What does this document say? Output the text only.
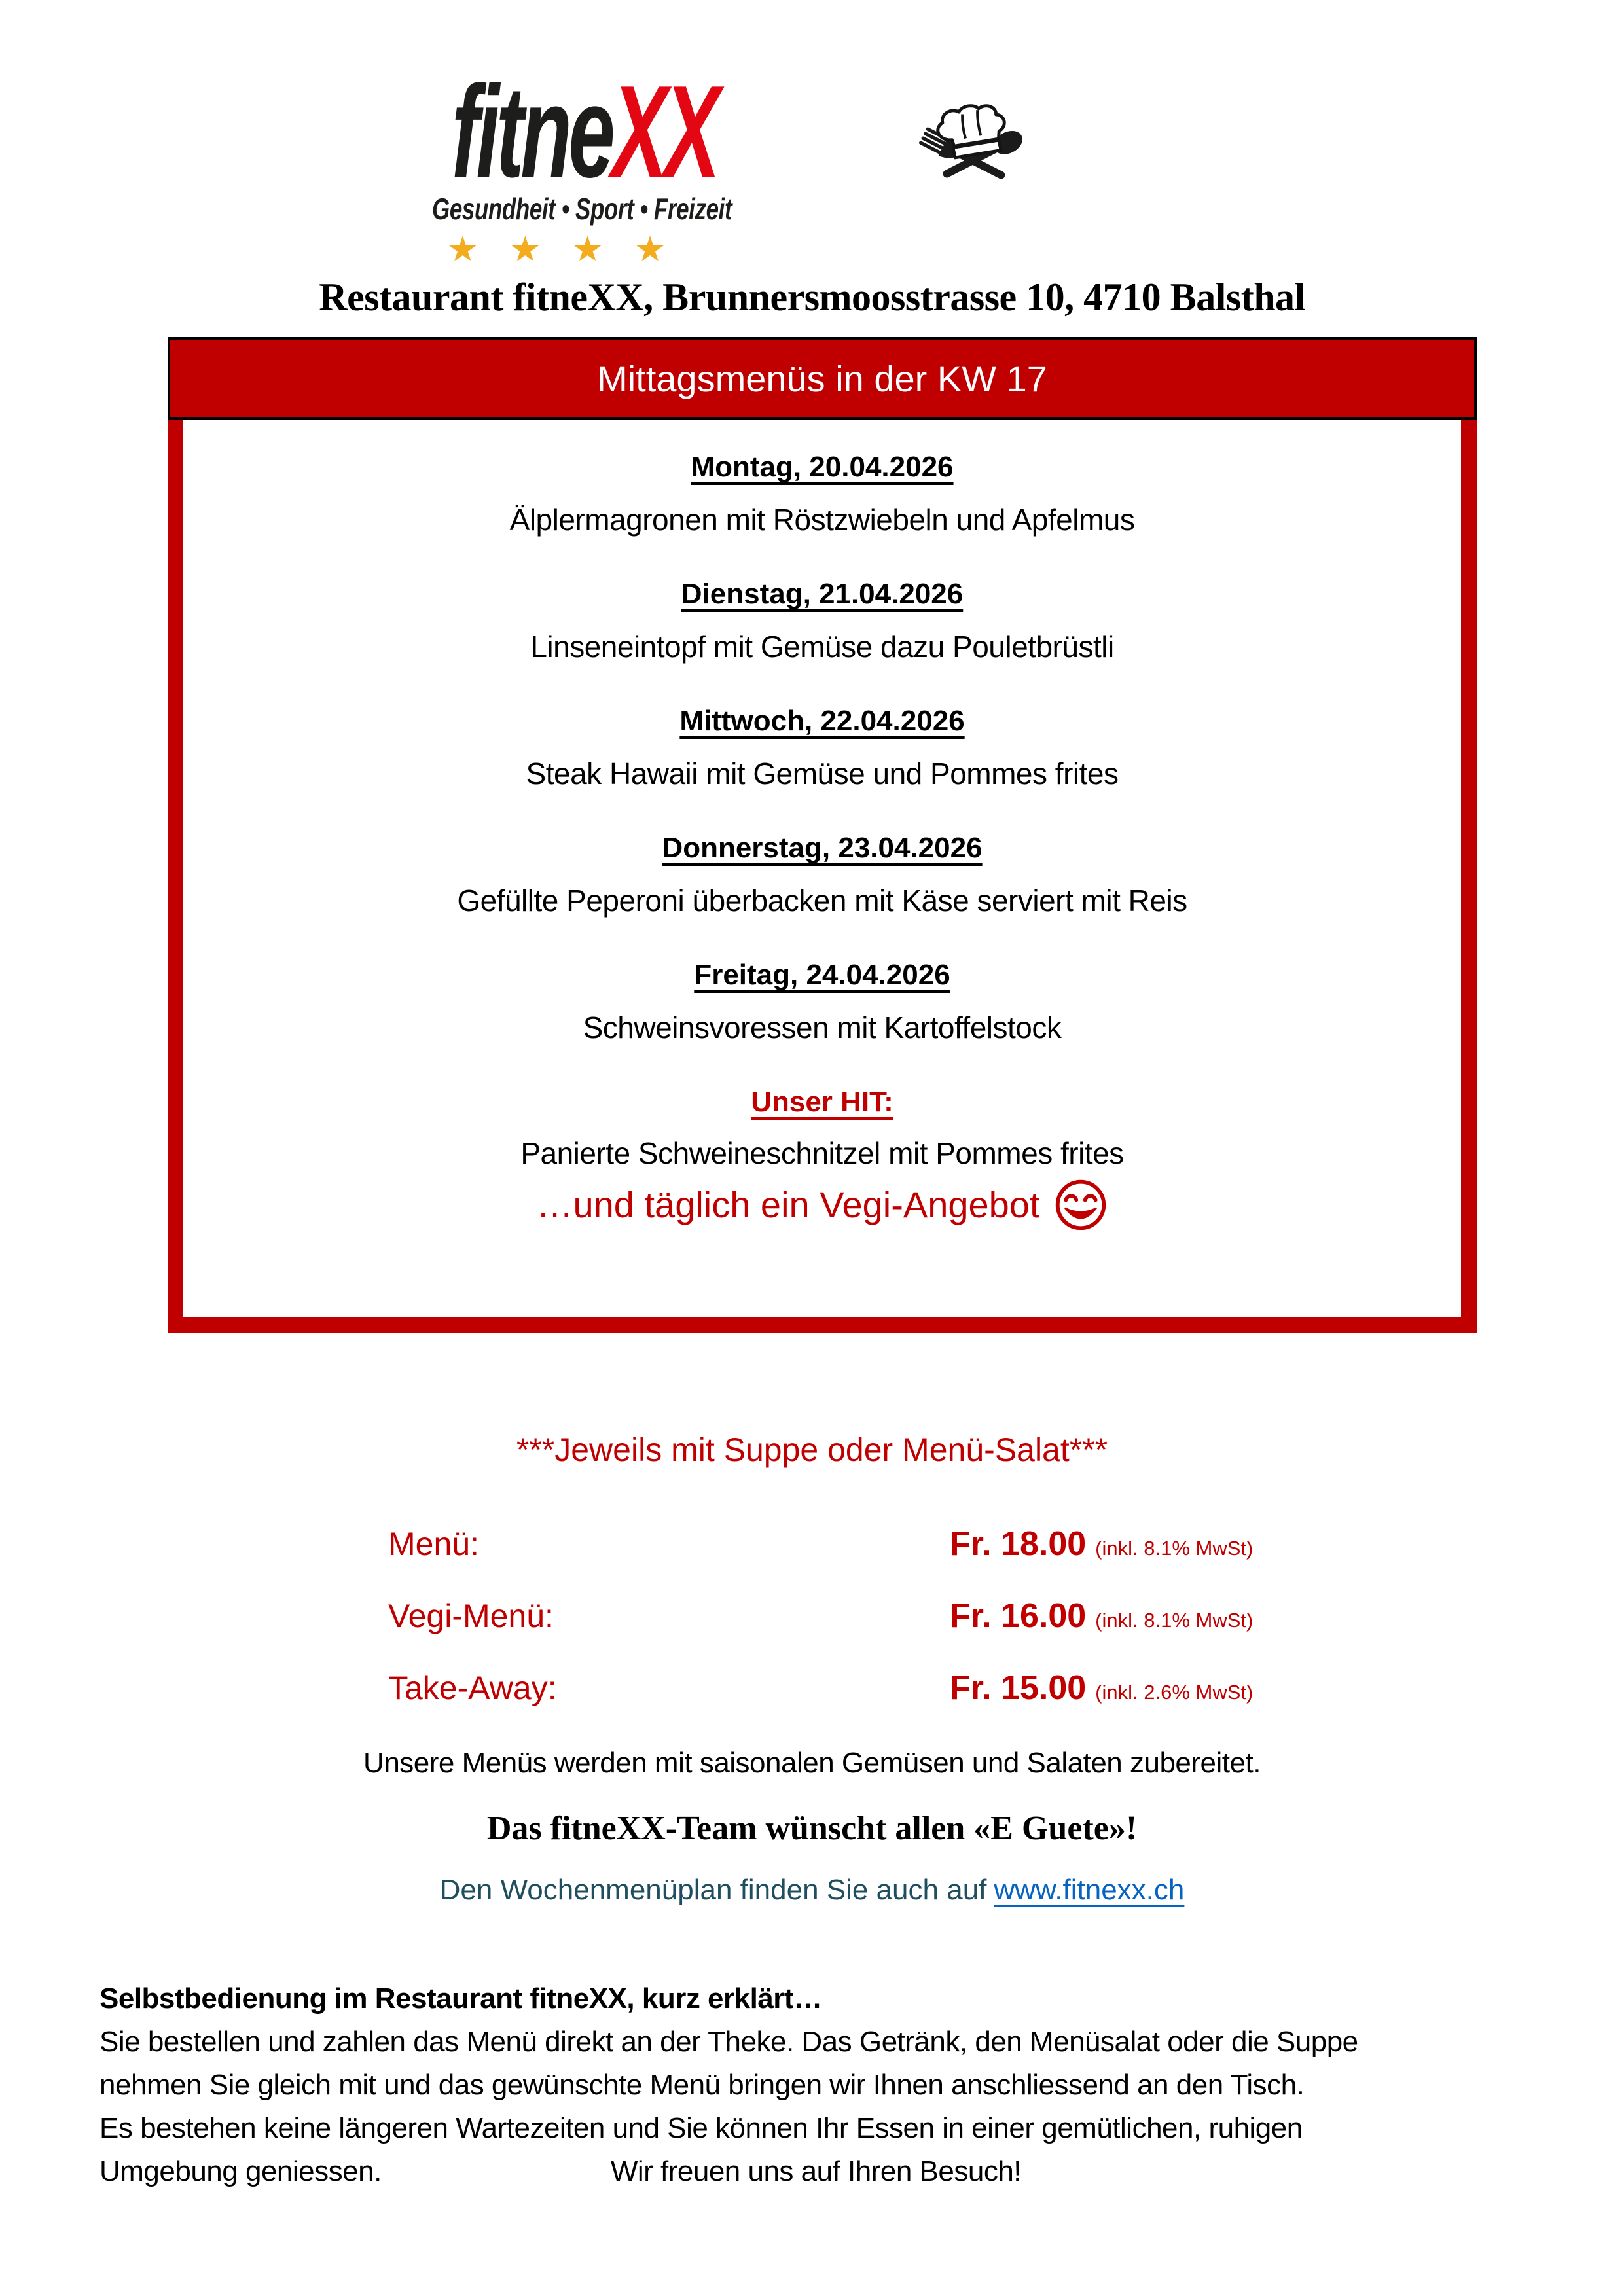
fitneXX
Gesundheit • Sport • Freizeit
★ ★ ★ ★
Restaurant fitneXX, Brunnersmoosstrasse 10, 4710 Balsthal
Mittagsmenüs in der KW 17
Montag, 20.04.2026
Älplermagronen mit Röstzwiebeln und Apfelmus
Dienstag, 21.04.2026
Linseneintopf mit Gemüse dazu Pouletbrüstli
Mittwoch, 22.04.2026
Steak Hawaii mit Gemüse und Pommes frites
Donnerstag, 23.04.2026
Gefüllte Peperoni überbacken mit Käse serviert mit Reis
Freitag, 24.04.2026
Schweinsvoressen mit Kartoffelstock
Unser HIT:
Panierte Schweineschnitzel mit Pommes frites
…und täglich ein Vegi-Angebot
***Jeweils mit Suppe oder Menü-Salat***
Menü:	Fr. 18.00 (inkl. 8.1% MwSt)
Vegi-Menü:	Fr. 16.00 (inkl. 8.1% MwSt)
Take-Away:	Fr. 15.00 (inkl. 2.6% MwSt)
Unsere Menüs werden mit saisonalen Gemüsen und Salaten zubereitet.
Das fitneXX-Team wünscht allen «E Guete»!
Den Wochenmenüplan finden Sie auch auf www.fitnexx.ch
Selbstbedienung im Restaurant fitneXX, kurz erklärt…
Sie bestellen und zahlen das Menü direkt an der Theke. Das Getränk, den Menüsalat oder die Suppe
nehmen Sie gleich mit und das gewünschte Menü bringen wir Ihnen anschliessend an den Tisch.
Es bestehen keine längeren Wartezeiten und Sie können Ihr Essen in einer gemütlichen, ruhigen
Umgebung geniessen.	Wir freuen uns auf Ihren Besuch!
